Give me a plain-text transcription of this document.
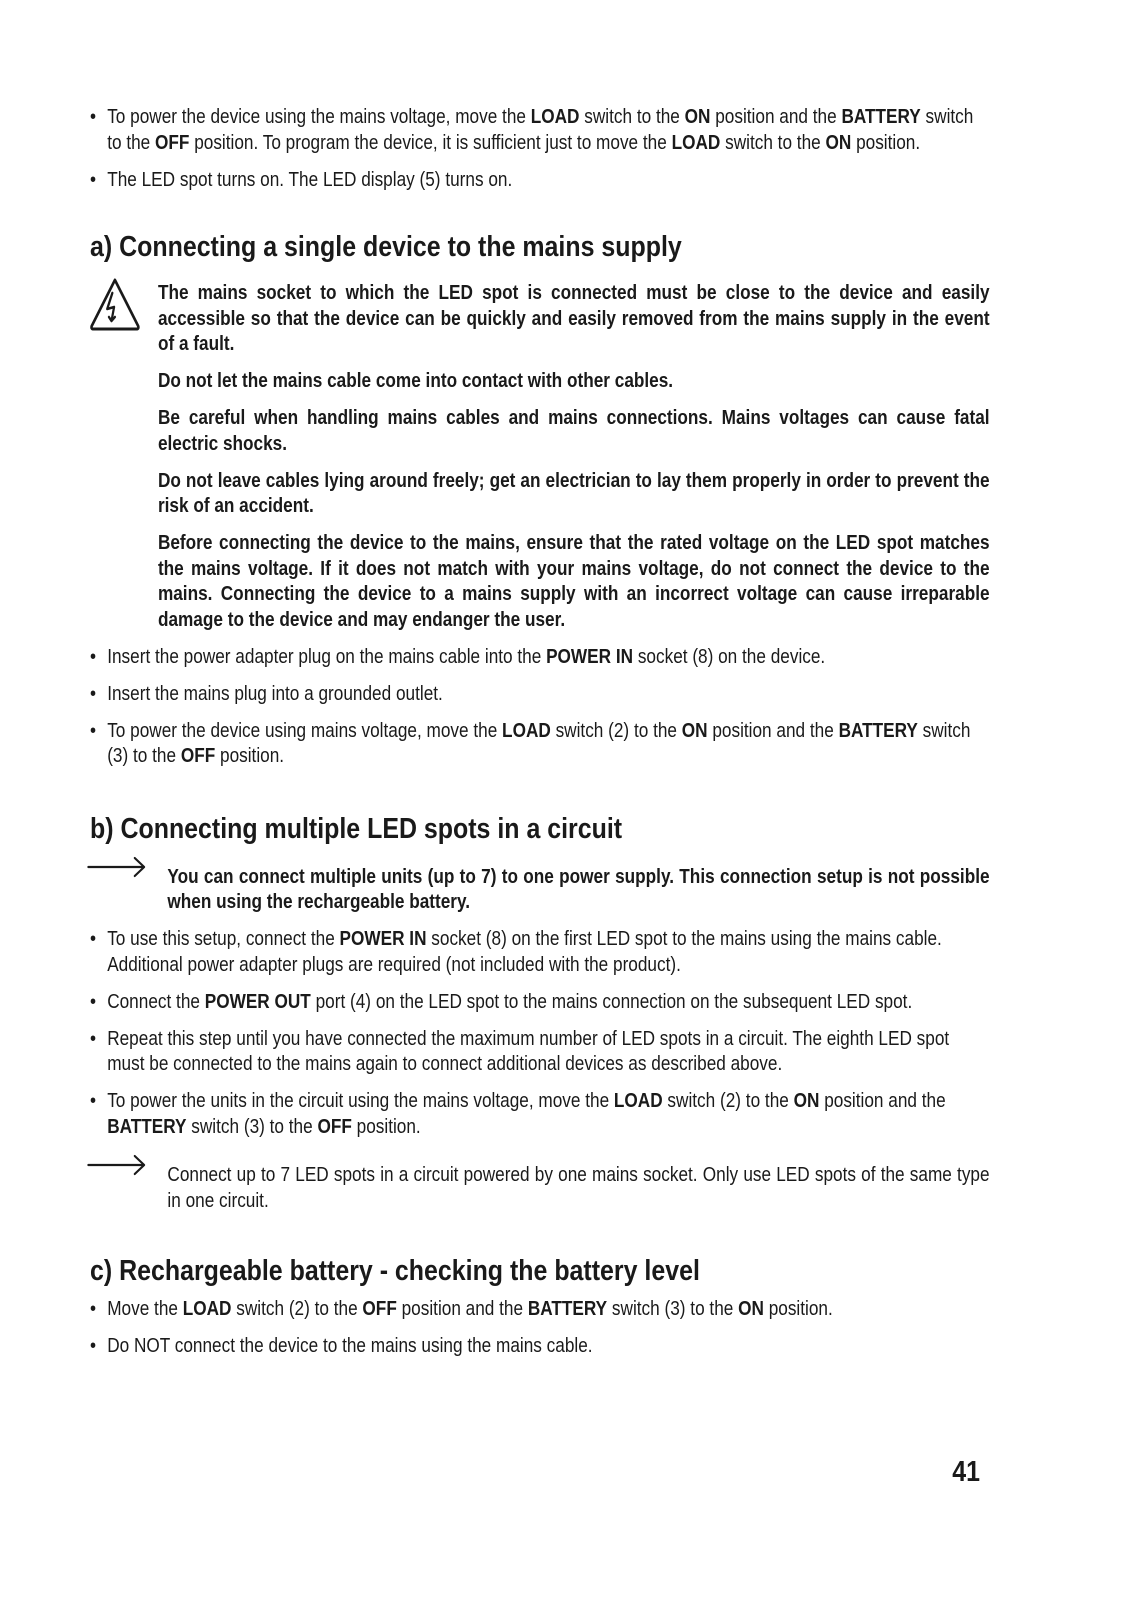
• To power the device using the mains voltage, move the LOAD switch to the ON position and the BATTERY switch to the OFF position. To program the device, it is sufficient just to move the LOAD switch to the ON position.
• The LED spot turns on. The LED display (5) turns on.
a) Connecting a single device to the mains supply

The mains socket to which the LED spot is connected must be close to the device and easily accessible so that the device can be quickly and easily removed from the mains supply in the event of a fault.

Do not let the mains cable come into contact with other cables.

Be careful when handling mains cables and mains connections. Mains voltages can cause fatal electric shocks.

Do not leave cables lying around freely; get an electrician to lay them properly in order to prevent the risk of an accident.

Before connecting the device to the mains, ensure that the rated voltage on the LED spot matches the mains voltage. If it does not match with your mains voltage, do not connect the device to the mains. Connecting the device to a mains supply with an incorrect voltage can cause irreparable damage to the device and may endanger the user.

• Insert the power adapter plug on the mains cable into the POWER IN socket (8) on the device.
• Insert the mains plug into a grounded outlet.
• To power the device using mains voltage, move the LOAD switch (2) to the ON position and the BATTERY switch (3) to the OFF position.
b) Connecting multiple LED spots in a circuit

You can connect multiple units (up to 7) to one power supply. This connection setup is not possible when using the rechargeable battery.

• To use this setup, connect the POWER IN socket (8) on the first LED spot to the mains using the mains cable. Additional power adapter plugs are required (not included with the product).
• Connect the POWER OUT port (4) on the LED spot to the mains connection on the subsequent LED spot.
• Repeat this step until you have connected the maximum number of LED spots in a circuit. The eighth LED spot must be connected to the mains again to connect additional devices as described above.
• To power the units in the circuit using the mains voltage, move the LOAD switch (2) to the ON position and the BATTERY switch (3) to the OFF position.

Connect up to 7 LED spots in a circuit powered by one mains socket. Only use LED spots of the same type in one circuit.

c) Rechargeable battery - checking the battery level
• Move the LOAD switch (2) to the OFF position and the BATTERY switch (3) to the ON position.
• Do NOT connect the device to the mains using the mains cable.
41
